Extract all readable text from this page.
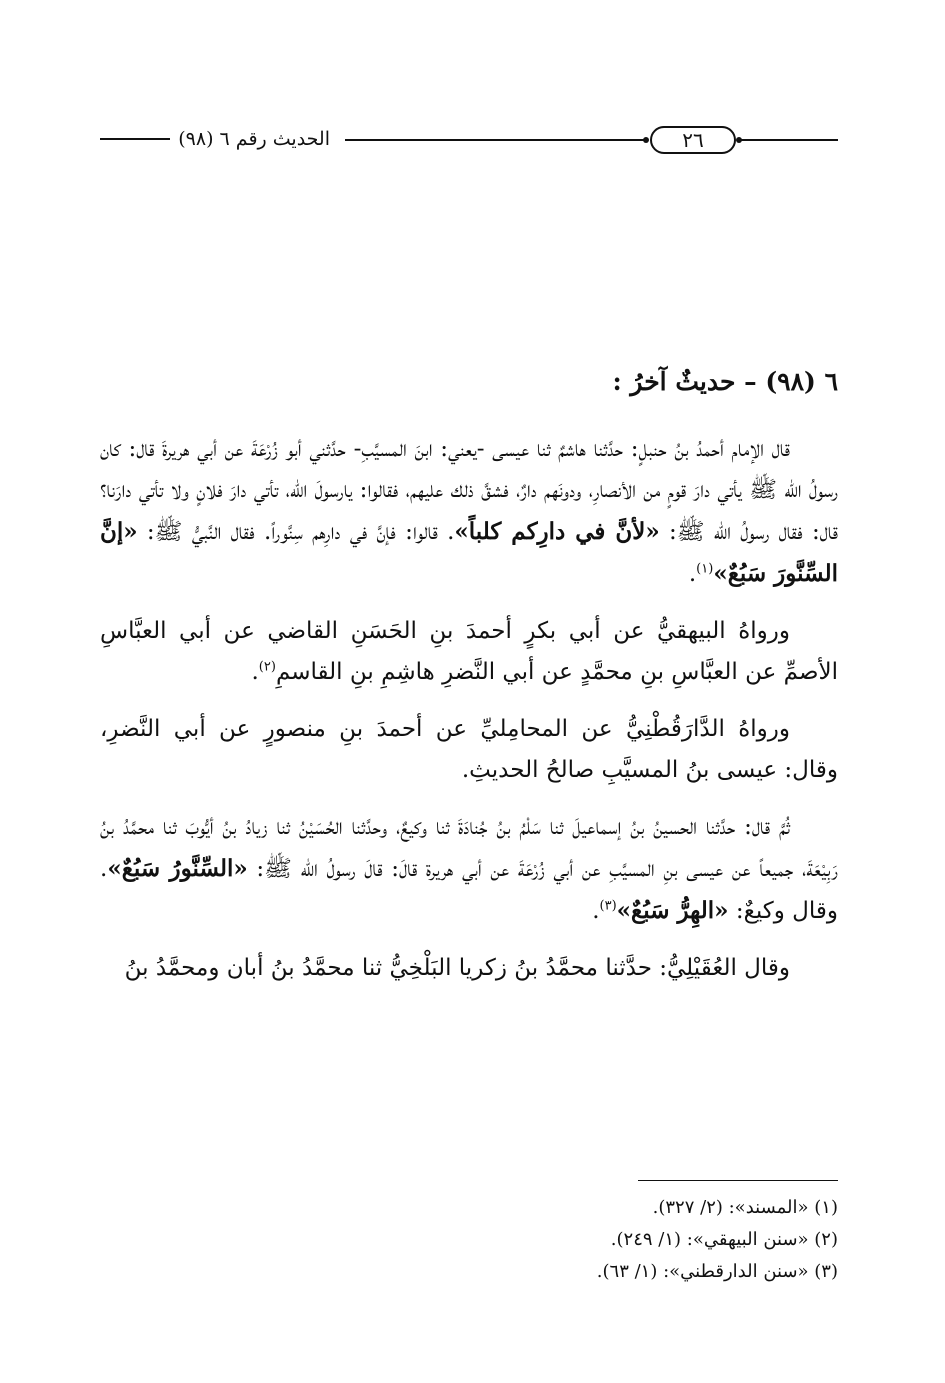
الحديث رقم ٦ (٩٨)	٢٦
٦ (٩٨) – حديثٌ آخرُ :

قال الإمام أحمدُ بنُ حنبلٍ: حدَّثنا هاشمٌ ثنا عيسى -يعني: ابنَ المسيَّبِ- حدَّثني أبو زُرْعَةَ عن أبي هريرةَ قال: كان رسولُ الله ﷺ يأتي دارَ قومٍ من الأنصارِ، ودونَهم دارٌ، فشقَّ ذلك عليهم، فقالوا: يارسولَ الله، تأتي دارَ فلانٍ ولا تأتي دارَنا؟ قال: فقال رسولُ الله ﷺ: «لأنَّ في دارِكم كلباً». قالوا: فإنَّ في دارِهم سِنَّوراً. فقال النَّبيُّ ﷺ: «إنَّ السِّنَّورَ سَبُعٌ»$^{(١)}$.

ورواهُ البيهقيُّ عن أبي بكرٍ أحمدَ بنِ الحَسَنِ القاضي عن أبي العبَّاسِ الأصمِّ عن العبَّاسِ بنِ محمَّدٍ عن أبي النَّضرِ هاشِمِ بنِ القاسمِ$^{(٢)}$.

ورواهُ الدَّارَقُطْنِيُّ عن المحامِليِّ عن أحمدَ بنِ منصورٍ عن أبي النَّضرِ، وقال: عيسى بنُ المسيَّبِ صالحُ الحديثِ.

ثُمَّ قال: حدَّثنا الحسينُ بنُ إسماعيلَ ثنا سَلْمُ بنُ جُنادَةَ ثنا وكيعٌ، وحدَّثنا الحُسَيْنُ ثنا زيادُ بنُ أيُّوبَ ثنا محمَّدُ بنُ رَبِيْعَةَ، جميعاً عن عيسى بنِ المسيَّبِ عن أبي زُرْعَةَ عن أبي هريرة قالَ: قالَ رسولُ الله ﷺ: «السِّنَّورُ سَبُعٌ». وقال وكيعٌ: «الهِرُّ سَبُعٌ»$^{(٣)}$.

وقال العُقَيْلِيُّ: حدَّثنا محمَّدُ بنُ زكريا البَلْخِيُّ ثنا محمَّدُ بنُ أبان ومحمَّدُ بنُ

(١) «المسند»: (٢/ ٣٢٧).

(٢) «سنن البيهقي»: (١/ ٢٤٩).

(٣) «سنن الدارقطني»: (١/ ٦٣).
